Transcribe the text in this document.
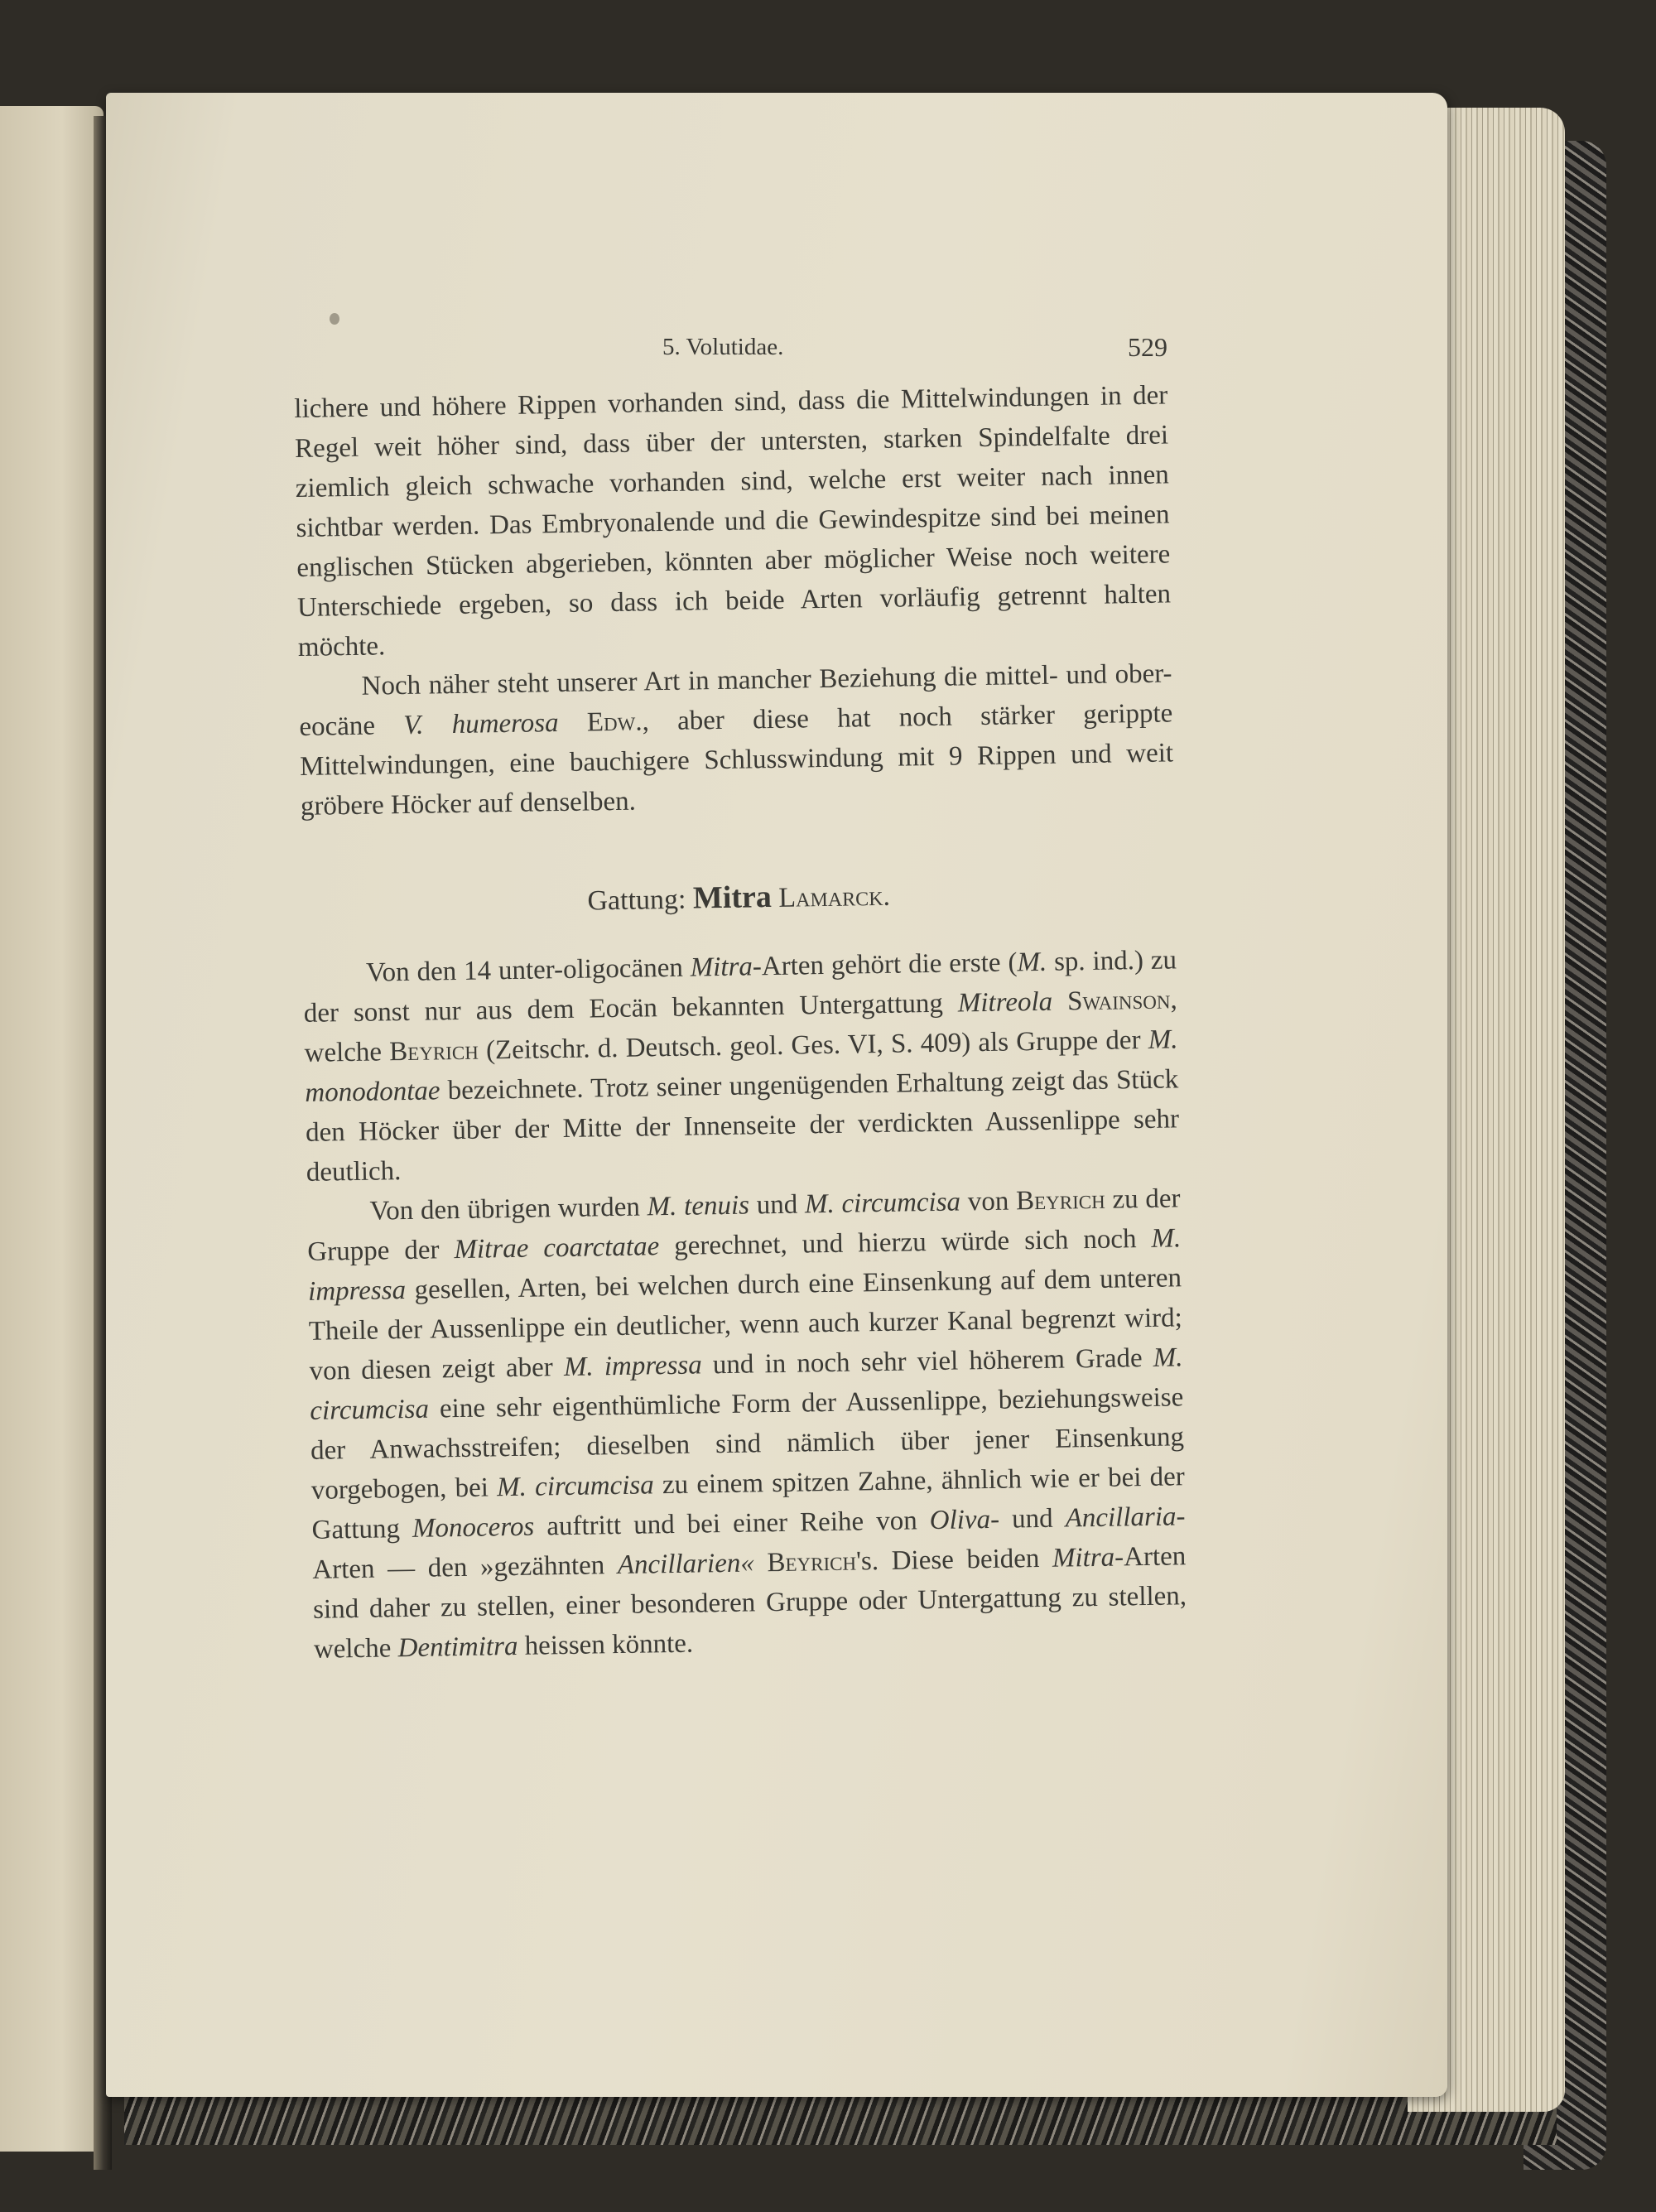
5. Volutidae.	529

lichere und höhere Rippen vorhanden sind, dass die Mittelwindungen in der Regel weit höher sind, dass über der untersten, starken Spindelfalte drei ziemlich gleich schwache vorhanden sind, welche erst weiter nach innen sichtbar werden. Das Embryonalende und die Gewindespitze sind bei meinen englischen Stücken abgerieben, könnten aber möglicher Weise noch weitere Unterschiede ergeben, so dass ich beide Arten vorläufig getrennt halten möchte.

Noch näher steht unserer Art in mancher Beziehung die mittel- und ober-eocäne V. humerosa Edw., aber diese hat noch stärker gerippte Mittelwindungen, eine bauchigere Schlusswindung mit 9 Rippen und weit gröbere Höcker auf denselben.

Gattung: Mitra Lamarck.

Von den 14 unter-oligocänen Mitra-Arten gehört die erste (M. sp. ind.) zu der sonst nur aus dem Eocän bekannten Untergattung Mitreola Swainson, welche Beyrich (Zeitschr. d. Deutsch. geol. Ges. VI, S. 409) als Gruppe der M. monodontae bezeichnete. Trotz seiner ungenügenden Erhaltung zeigt das Stück den Höcker über der Mitte der Innenseite der verdickten Aussenlippe sehr deutlich.

Von den übrigen wurden M. tenuis und M. circumcisa von Beyrich zu der Gruppe der Mitrae coarctatae gerechnet, und hierzu würde sich noch M. impressa gesellen, Arten, bei welchen durch eine Einsenkung auf dem unteren Theile der Aussenlippe ein deutlicher, wenn auch kurzer Kanal begrenzt wird; von diesen zeigt aber M. impressa und in noch sehr viel höherem Grade M. circumcisa eine sehr eigenthümliche Form der Aussenlippe, beziehungsweise der Anwachsstreifen; dieselben sind nämlich über jener Einsenkung vorgebogen, bei M. circumcisa zu einem spitzen Zahne, ähnlich wie er bei der Gattung Monoceros auftritt und bei einer Reihe von Oliva- und Ancillaria-Arten — den »gezähnten Ancillarien« Beyrich's. Diese beiden Mitra-Arten sind daher zu stellen, einer besonderen Gruppe oder Untergattung zu stellen, welche Dentimitra heissen könnte.
